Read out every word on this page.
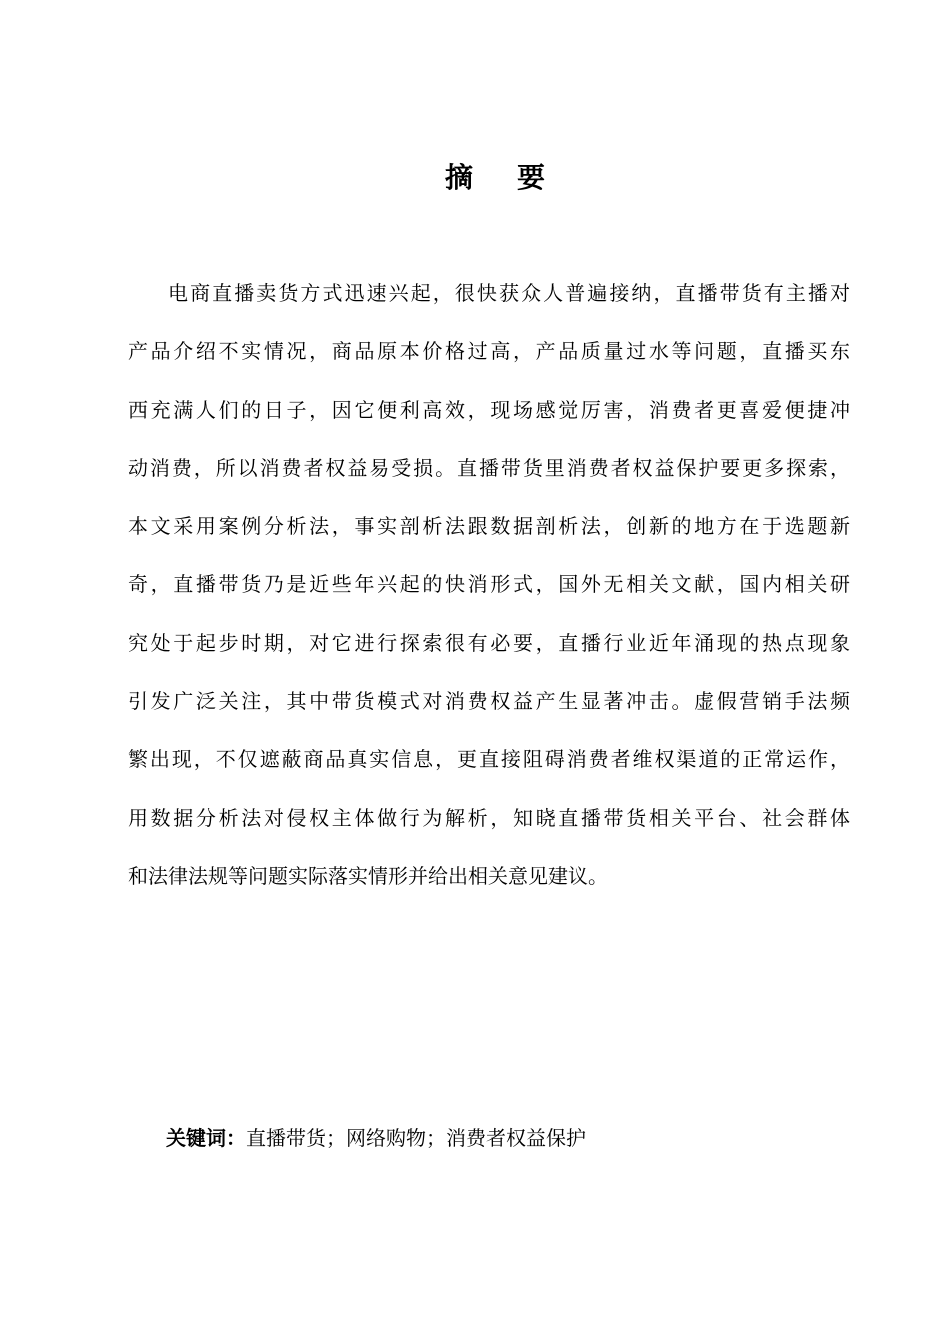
摘 要
电商直播卖货方式迅速兴起，很快获众人普遍接纳，直播带货有主播对
产品介绍不实情况，商品原本价格过高，产品质量过水等问题，直播买东
西充满人们的日子，因它便利高效，现场感觉厉害，消费者更喜爱便捷冲
动消费，所以消费者权益易受损。直播带货里消费者权益保护要更多探索，
本文采用案例分析法，事实剖析法跟数据剖析法，创新的地方在于选题新
奇，直播带货乃是近些年兴起的快消形式，国外无相关文献，国内相关研
究处于起步时期，对它进行探索很有必要，直播行业近年涌现的热点现象
引发广泛关注，其中带货模式对消费权益产生显著冲击。虚假营销手法频
繁出现，不仅遮蔽商品真实信息，更直接阻碍消费者维权渠道的正常运作，
用数据分析法对侵权主体做行为解析，知晓直播带货相关平台、社会群体
和法律法规等问题实际落实情形并给出相关意见建议。
关键词：直播带货；网络购物；消费者权益保护
